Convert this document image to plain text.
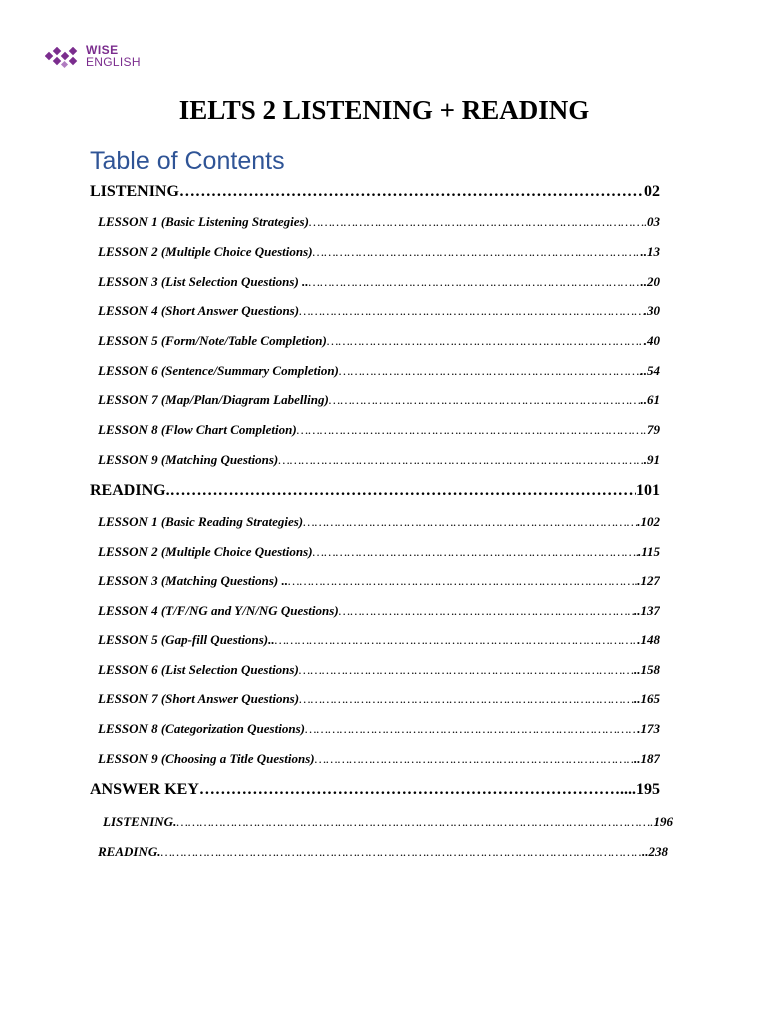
WISE
ENGLISH
IELTS 2 LISTENING + READING
Table of Contents
LISTENING ……………………………………………………………………………………………………………………………………………………………………………………………………………………	02
LESSON 1 (Basic Listening Strategies) ……………………………………………………………………………………………………………………………………………………………………………………………………………………	03
LESSON 2 (Multiple Choice Questions) ……………………………………………………………………………………………………………………………………………………………………………………………………………………	..13
LESSON 3 (List Selection Questions) .. ……………………………………………………………………………………………………………………………………………………………………………………………………………………	..20
LESSON 4 (Short Answer Questions) ……………………………………………………………………………………………………………………………………………………………………………………………………………………	.30
LESSON 5 (Form/Note/Table Completion) ……………………………………………………………………………………………………………………………………………………………………………………………………………………	.40
LESSON 6 (Sentence/Summary Completion) ……………………………………………………………………………………………………………………………………………………………………………………………………………………	..54
LESSON 7 (Map/Plan/Diagram Labelling) ……………………………………………………………………………………………………………………………………………………………………………………………………………………	..61
LESSON 8 (Flow Chart Completion) ……………………………………………………………………………………………………………………………………………………………………………………………………………………	79
LESSON 9 (Matching Questions) ……………………………………………………………………………………………………………………………………………………………………………………………………………………	.91
READING. ……………………………………………………………………………………………………………………………………………………………………………………………………………………	101
LESSON 1 (Basic Reading Strategies) ……………………………………………………………………………………………………………………………………………………………………………………………………………………	.102
LESSON 2 (Multiple Choice Questions) ……………………………………………………………………………………………………………………………………………………………………………………………………………………	.115
LESSON 3 (Matching Questions) .. ……………………………………………………………………………………………………………………………………………………………………………………………………………………	.127
LESSON 4 (T/F/NG and Y/N/NG Questions) ……………………………………………………………………………………………………………………………………………………………………………………………………………………	..137
LESSON 5 (Gap-fill Questions).. ……………………………………………………………………………………………………………………………………………………………………………………………………………………	.148
LESSON 6 (List Selection Questions) ……………………………………………………………………………………………………………………………………………………………………………………………………………………	..158
LESSON 7 (Short Answer Questions) ……………………………………………………………………………………………………………………………………………………………………………………………………………………	..165
LESSON 8 (Categorization Questions) ……………………………………………………………………………………………………………………………………………………………………………………………………………………	.173
LESSON 9 (Choosing a Title Questions) ……………………………………………………………………………………………………………………………………………………………………………………………………………………	..187
ANSWER KEY ……………………………………………………………………………………………………………………………………………………………………………………………………………………	....195
LISTENING. ……………………………………………………………………………………………………………………………………………………………………………………………………………………	196
READING. ……………………………………………………………………………………………………………………………………………………………………………………………………………………	..238
